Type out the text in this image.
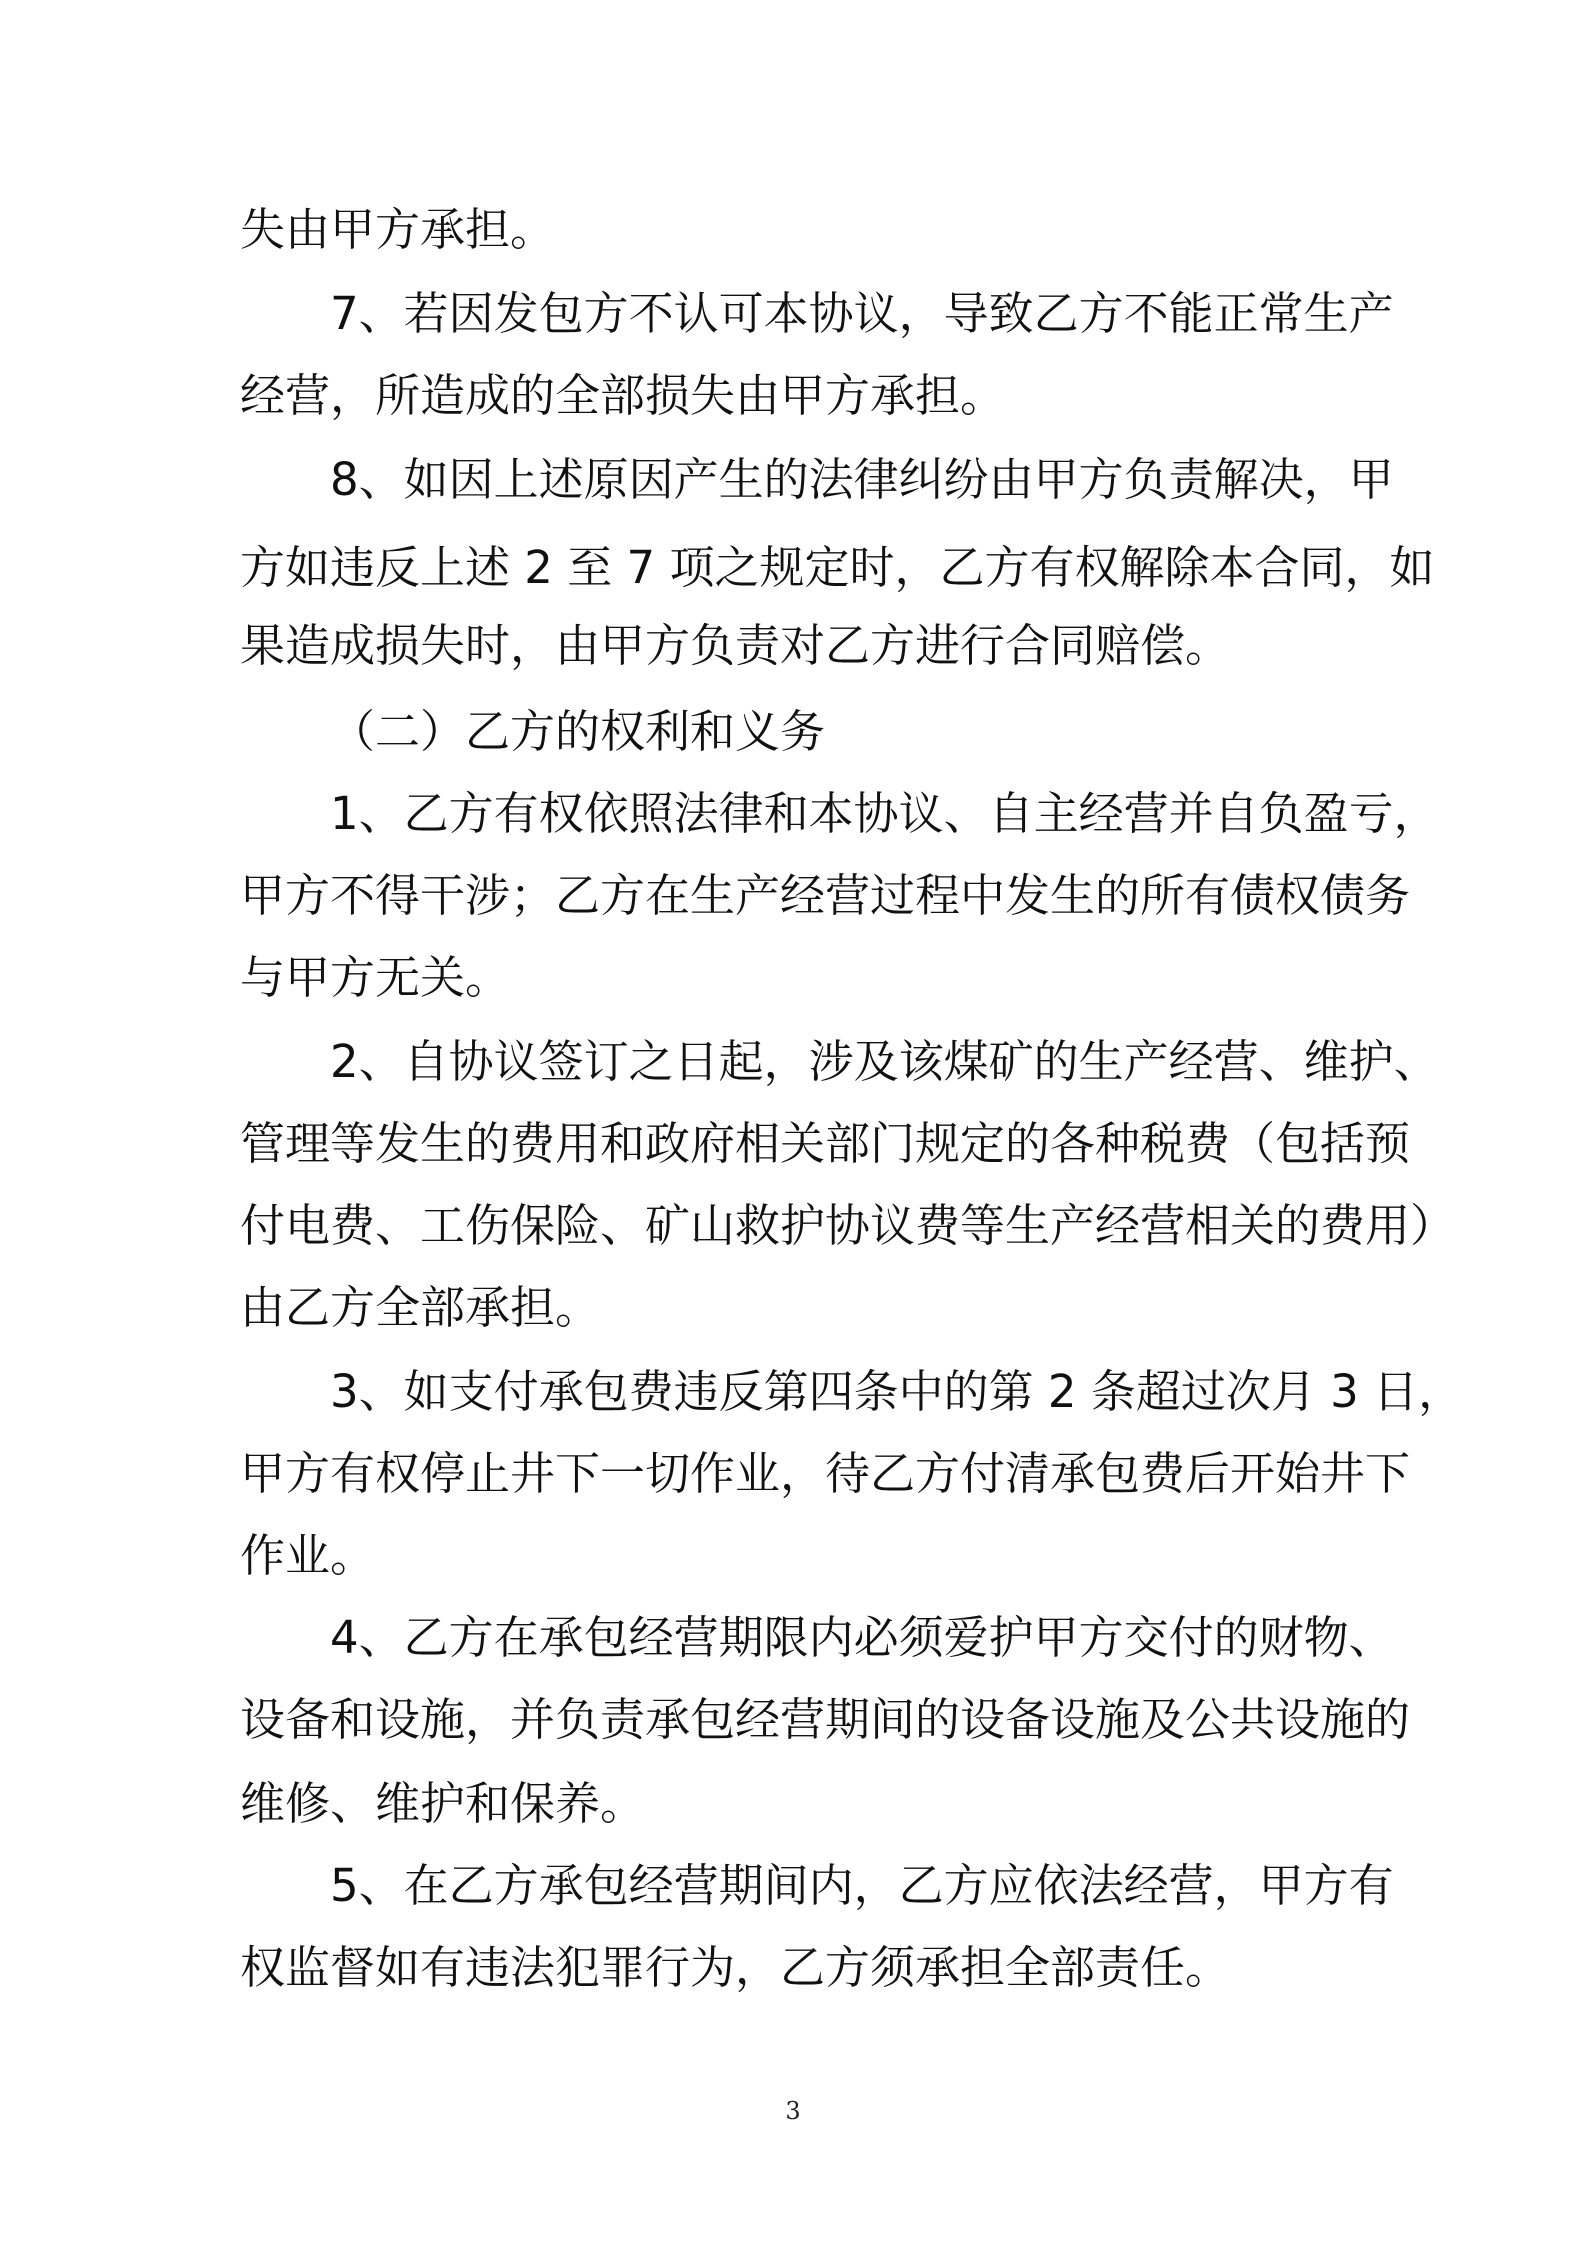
失由甲方承担。
7、若因发包方不认可本协议，导致乙方不能正常生产
经营，所造成的全部损失由甲方承担。
8、如因上述原因产生的法律纠纷由甲方负责解决，甲
方如违反上述 2 至 7 项之规定时，乙方有权解除本合同，如
果造成损失时，由甲方负责对乙方进行合同赔偿。
（二）乙方的权利和义务
1、乙方有权依照法律和本协议、自主经营并自负盈亏，
甲方不得干涉；乙方在生产经营过程中发生的所有债权债务
与甲方无关。
2、自协议签订之日起，涉及该煤矿的生产经营、维护、
管理等发生的费用和政府相关部门规定的各种税费（包括预
付电费、工伤保险、矿山救护协议费等生产经营相关的费用）
由乙方全部承担。
3、如支付承包费违反第四条中的第 2 条超过次月 3 日，
甲方有权停止井下一切作业，待乙方付清承包费后开始井下
作业。
4、乙方在承包经营期限内必须爱护甲方交付的财物、
设备和设施，并负责承包经营期间的设备设施及公共设施的
维修、维护和保养。
5、在乙方承包经营期间内，乙方应依法经营，甲方有
权监督如有违法犯罪行为，乙方须承担全部责任。
3
